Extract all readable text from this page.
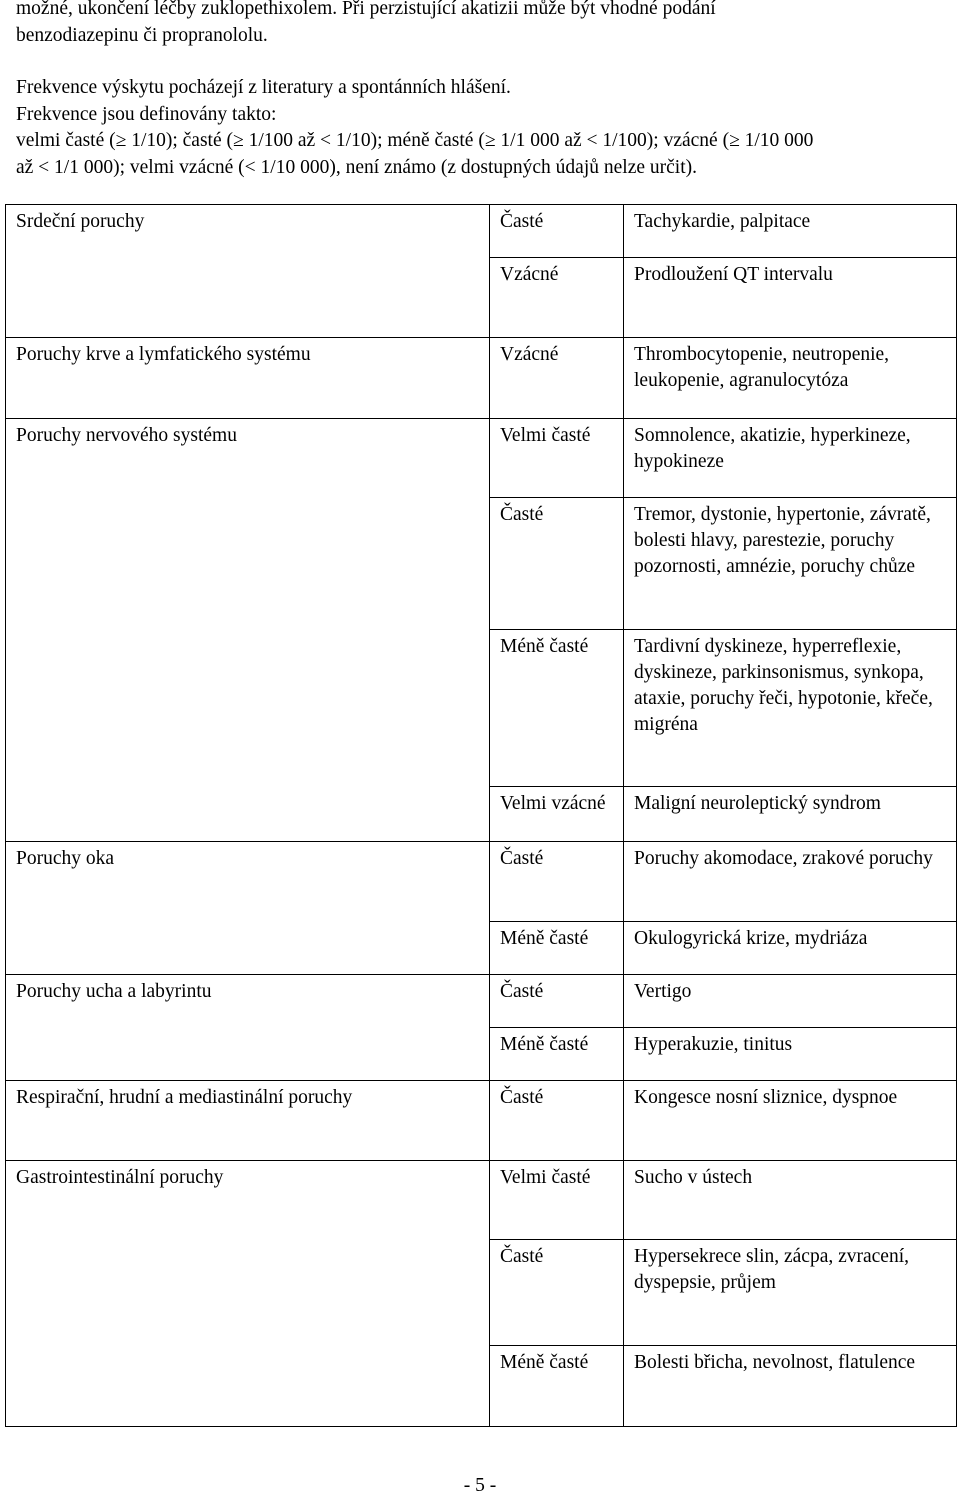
možné, ukončení léčby zuklopethixolem. Při perzistující akatizii může být vhodné podání
benzodiazepinu či propranololu.

Frekvence výskytu pocházejí z literatury a spontánních hlášení.
Frekvence jsou definovány takto:
velmi časté (≥ 1/10); časté (≥ 1/100 až < 1/10); méně časté (≥ 1/1 000 až < 1/100); vzácné (≥ 1/10 000
až < 1/1 000); velmi vzácné (< 1/10 000), není známo (z dostupných údajů nelze určit).

Srdeční poruchy	Časté	Tachykardie, palpitace
	Vzácné	Prodloužení QT intervalu
Poruchy krve a lymfatického systému	Vzácné	Thrombocytopenie, neutropenie, leukopenie, agranulocytóza
Poruchy nervového systému	Velmi časté	Somnolence, akatizie, hyperkineze, hypokineze
	Časté	Tremor, dystonie, hypertonie, závratě, bolesti hlavy, parestezie, poruchy pozornosti, amnézie, poruchy chůze
	Méně časté	Tardivní dyskineze, hyperreflexie, dyskineze, parkinsonismus, synkopa, ataxie, poruchy řeči, hypotonie, křeče, migréna
	Velmi vzácné	Maligní neuroleptický syndrom
Poruchy oka	Časté	Poruchy akomodace, zrakové poruchy
	Méně časté	Okulogyrická krize, mydriáza
Poruchy ucha a labyrintu	Časté	Vertigo
	Méně časté	Hyperakuzie, tinitus
Respirační, hrudní a mediastinální poruchy	Časté	Kongesce nosní sliznice, dyspnoe
Gastrointestinální poruchy	Velmi časté	Sucho v ústech
	Časté	Hypersekrece slin, zácpa, zvracení, dyspepsie, průjem
	Méně časté	Bolesti břicha, nevolnost, flatulence
- 5 -
